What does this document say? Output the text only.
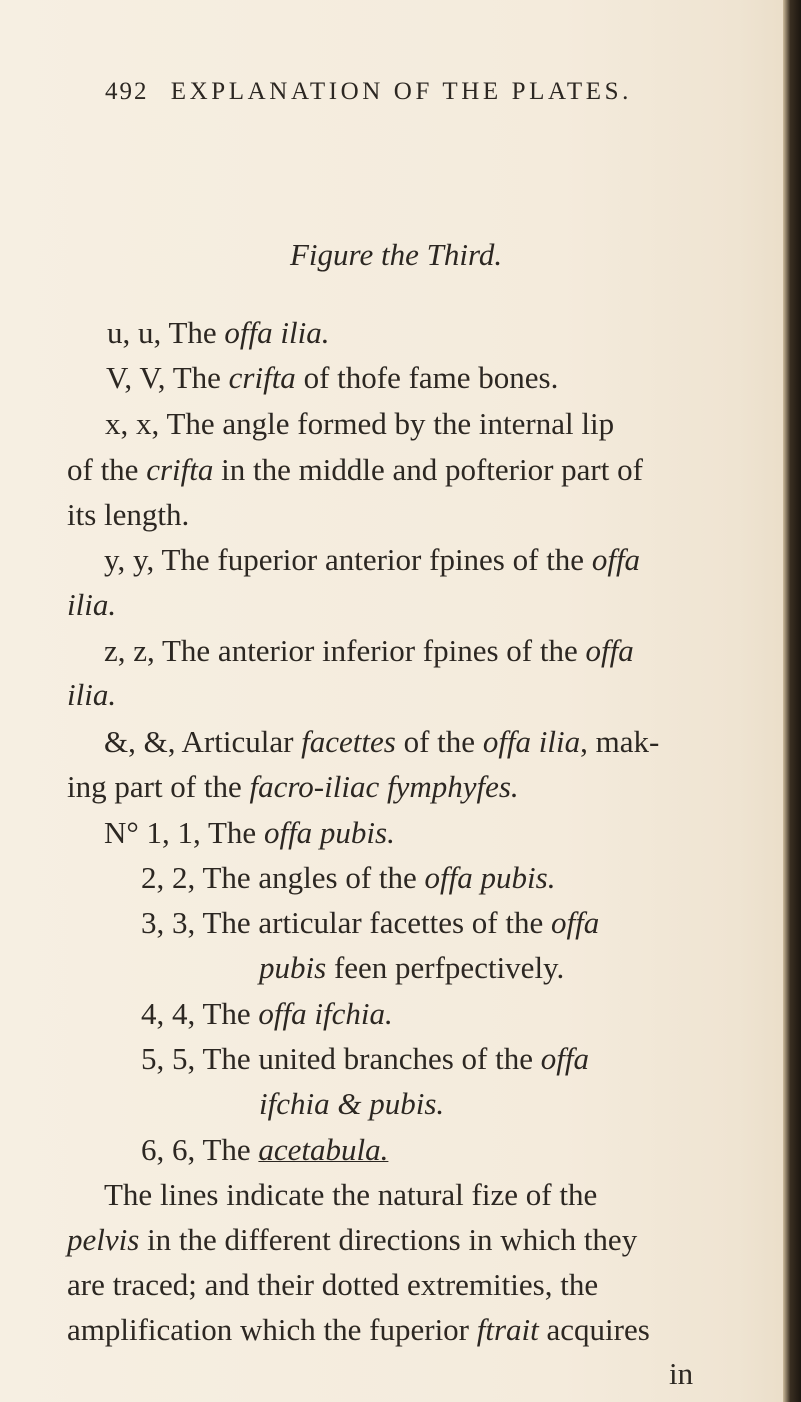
492 EXPLANATION OF THE PLATES.
Figure the Third.
u, u, The offa ilia.
V, V, The crifta of thofe fame bones.
x, x, The angle formed by the internal lip
of the crifta in the middle and pofterior part of
its length.
y, y, The fuperior anterior fpines of the offa
ilia.
z, z, The anterior inferior fpines of the offa
ilia.
&, &, Articular facettes of the offa ilia, mak-
ing part of the facro-iliac fymphyfes.
N° 1, 1, The offa pubis.
2, 2, The angles of the offa pubis.
3, 3, The articular facettes of the offa
pubis feen perfpectively.
4, 4, The offa ifchia.
5, 5, The united branches of the offa
ifchia & pubis.
6, 6, The acetabula.
The lines indicate the natural fize of the
pelvis in the different directions in which they
are traced; and their dotted extremities, the
amplification which the fuperior ftrait acquires
in
